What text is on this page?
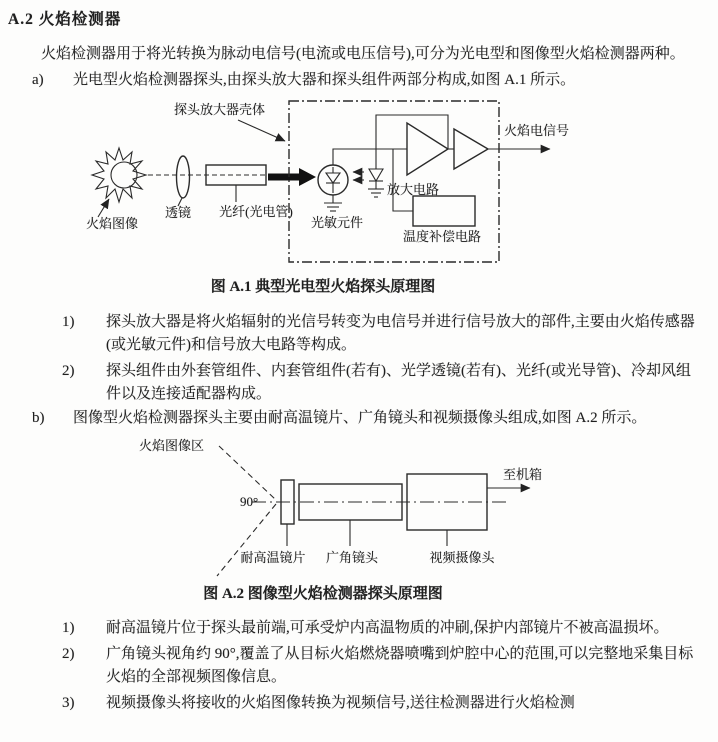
A.2 火焰检测器
火焰检测器用于将光转换为脉动电信号(电流或电压信号),可分为光电型和图像型火焰检测器两种。
a)	光电型火焰检测器探头,由探头放大器和探头组件两部分构成,如图 A.1 所示。
火焰图像
透镜 光纤(光电管)
探头放大器壳体
光敏元件
放大电路
温度补偿电路
火焰电信号
图 A.1 典型光电型火焰探头原理图
1)	探头放大器是将火焰辐射的光信号转变为电信号并进行信号放大的部件,主要由火焰传感器(或光敏元件)和信号放大电路等构成。
2)	探头组件由外套管组件、内套管组件(若有)、光学透镜(若有)、光纤(或光导管)、冷却风组件以及连接适配器构成。
b)	图像型火焰检测器探头主要由耐高温镜片、广角镜头和视频摄像头组成,如图 A.2 所示。
火焰图像区
90°
耐高温镜片 广角镜头	视频摄像头
至机箱
图 A.2 图像型火焰检测器探头原理图
1)	耐高温镜片位于探头最前端,可承受炉内高温物质的冲刷,保护内部镜片不被高温损坏。
2)	广角镜头视角约 90°,覆盖了从目标火焰燃烧器喷嘴到炉腔中心的范围,可以完整地采集目标火焰的全部视频图像信息。
3)	视频摄像头将接收的火焰图像转换为视频信号,送往检测器进行火焰检测
